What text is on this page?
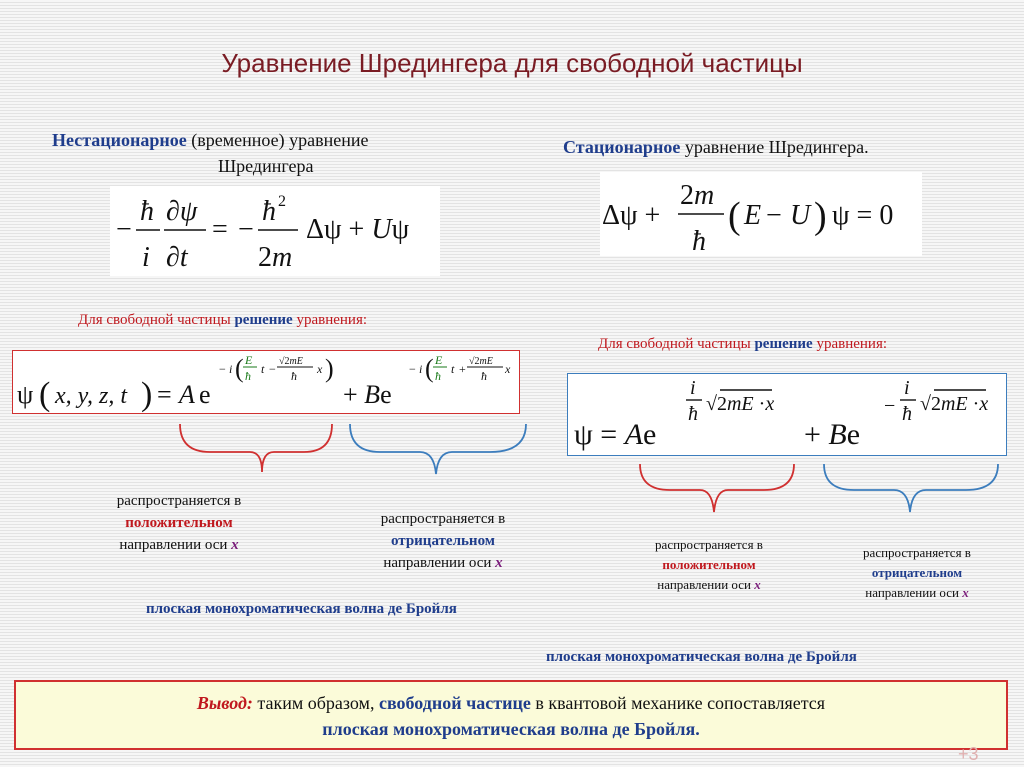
Уравнение Шредингера для свободной частицы
Нестационарное (временное) уравнение
Шредингера
−
ħ
i
∂ψ
∂t
= −
ħ 2
2m
Δψ + Uψ
Стационарное уравнение Шредингера.
Δψ +
2m
ħ
( E − U ) ψ = 0
Для свободной частицы решение уравнения:
ψ ( x, y, z, t ) = A e
− i ( E
ħ t −
√2mE
ħ x )
+ Be
− i ( E
ħ t +
√2mE
ħ x
распространяется в
положительном
направлении оси x
распространяется в
отрицательном
направлении оси x
плоская монохроматическая волна де Бройля
Для свободной частицы решение уравнения:
ψ = Ae
i
ħ √2mE ·x
+ Be
−
i
ħ √2mE ·x
распространяется в
положительном
направлении оси x
распространяется в
отрицательном
направлении оси x
плоская монохроматическая волна де Бройля
Вывод: таким образом, свободной частице в квантовой механике сопоставляется
плоская монохроматическая волна де Бройля.
+3
